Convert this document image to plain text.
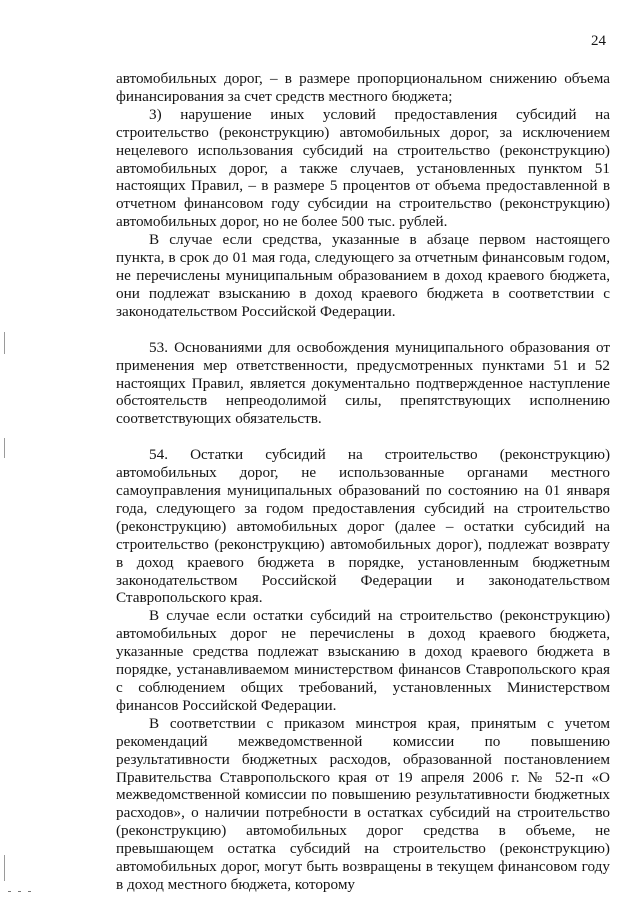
24

автомобильных дорог, – в размере пропорциональном снижению объема финансирования за счет средств местного бюджета;

3) нарушение иных условий предоставления субсидий на строительство (реконструкцию) автомобильных дорог, за исключением нецелевого использования субсидий на строительство (реконструкцию) автомобильных дорог, а также случаев, установленных пунктом 51 настоящих Правил, – в размере 5 процентов от объема предоставленной в отчетном финансовом году субсидии на строительство (реконструкцию) автомобильных дорог, но не более 500 тыс. рублей.

В случае если средства, указанные в абзаце первом настоящего пункта, в срок до 01 мая года, следующего за отчетным финансовым годом, не перечислены муниципальным образованием в доход краевого бюджета, они подлежат взысканию в доход краевого бюджета в соответствии с законодательством Российской Федерации.

53. Основаниями для освобождения муниципального образования от применения мер ответственности, предусмотренных пунктами 51 и 52 настоящих Правил, является документально подтвержденное наступление обстоятельств непреодолимой силы, препятствующих исполнению соответствующих обязательств.

54. Остатки субсидий на строительство (реконструкцию) автомобильных дорог, не использованные органами местного самоуправления муниципальных образований по состоянию на 01 января года, следующего за годом предоставления субсидий на строительство (реконструкцию) автомобильных дорог (далее – остатки субсидий на строительство (реконструкцию) автомобильных дорог), подлежат возврату в доход краевого бюджета в порядке, установленным бюджетным законодательством Российской Федерации и законодательством Ставропольского края.

В случае если остатки субсидий на строительство (реконструкцию) автомобильных дорог не перечислены в доход краевого бюджета, указанные средства подлежат взысканию в доход краевого бюджета в порядке, устанавливаемом министерством финансов Ставропольского края с соблюдением общих требований, установленных Министерством финансов Российской Федерации.

В соответствии с приказом минстроя края, принятым с учетом рекомендаций межведомственной комиссии по повышению результативности бюджетных расходов, образованной постановлением Правительства Ставропольского края от 19 апреля 2006 г. № 52-п «О межведомственной комиссии по повышению результативности бюджетных расходов», о наличии потребности в остатках субсидий на строительство (реконструкцию) автомобильных дорог средства в объеме, не превышающем остатка субсидий на строительство (реконструкцию) автомобильных дорог, могут быть возвращены в текущем финансовом году в доход местного бюджета, которому
